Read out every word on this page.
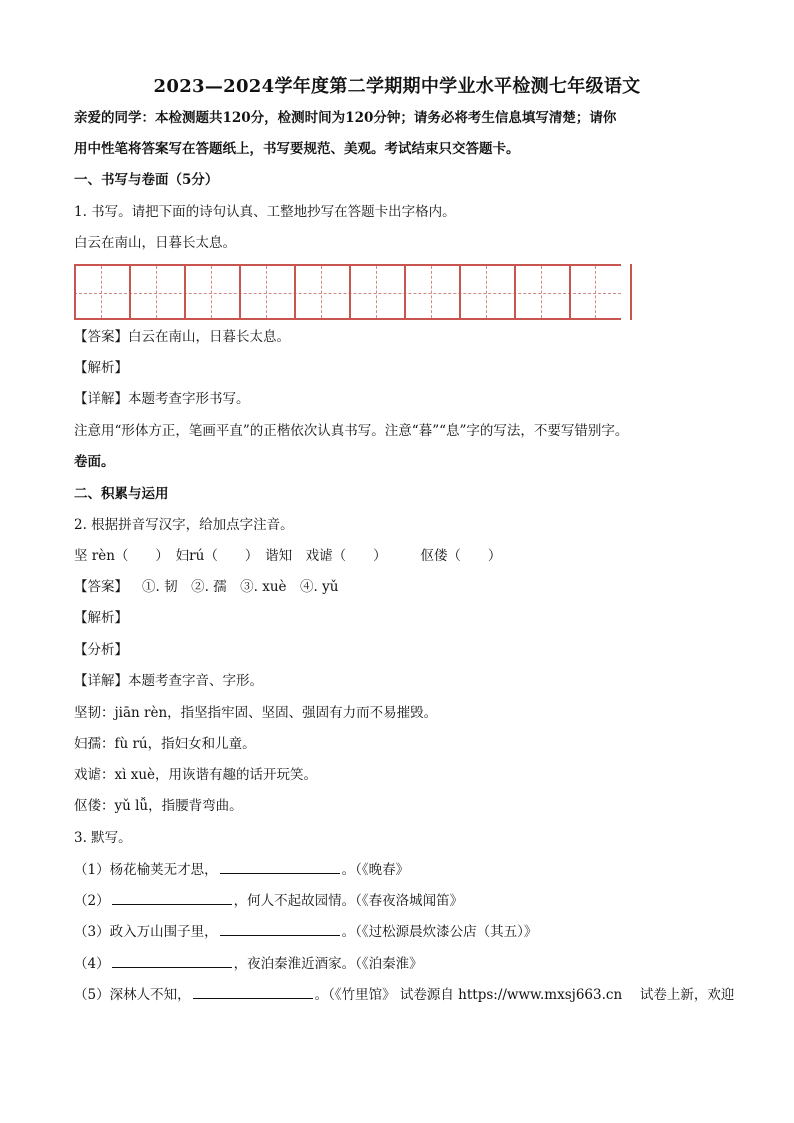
2023—2024学年度第二学期期中学业水平检测七年级语文
亲爱的同学：本检测题共120分，检测时间为120分钟；请务必将考生信息填写清楚；请你
用中性笔将答案写在答题纸上，书写要规范、美观。考试结束只交答题卡。
一、书写与卷面（5分）
1. 书写。请把下面的诗句认真、工整地抄写在答题卡出字格内。
白云在南山，日暮长太息。
【答案】白云在南山，日暮长太息。
【解析】
【详解】本题考查字形书写。
注意用“形体方正，笔画平直”的正楷依次认真书写。注意“暮”“息”字的写法，不要写错别字。
卷面。
二、积累与运用
2. 根据拼音写汉字，给加点字注音。
坚 rèn（　　）　妇rú（　　）　谐知　戏谑（　　）　　　伛偻（　　）
【答案】 ①. 韧　②. 孺　③. xuè　④. yǔ
【解析】
【分析】
【详解】本题考查字音、字形。
坚韧：jiān rèn，指坚指牢固、坚固、强固有力而不易摧毁。
妇孺：fù rú，指妇女和儿童。
戏谑：xì xuè，用诙谐有趣的话开玩笑。
伛偻：yǔ lǚ，指腰背弯曲。
3. 默写。
（1）杨花榆荚无才思，	。（《晚春》
（2）	，何人不起故园情。（《春夜洛城闻笛》
（3）政入万山围子里，	。（《过松源晨炊漆公店（其五）》
（4）	，夜泊秦淮近酒家。（《泊秦淮》
（5）深林人不知，	。（《竹里馆》 试卷源自 https://www.mxsj663.cn　 试卷上新，欢迎
